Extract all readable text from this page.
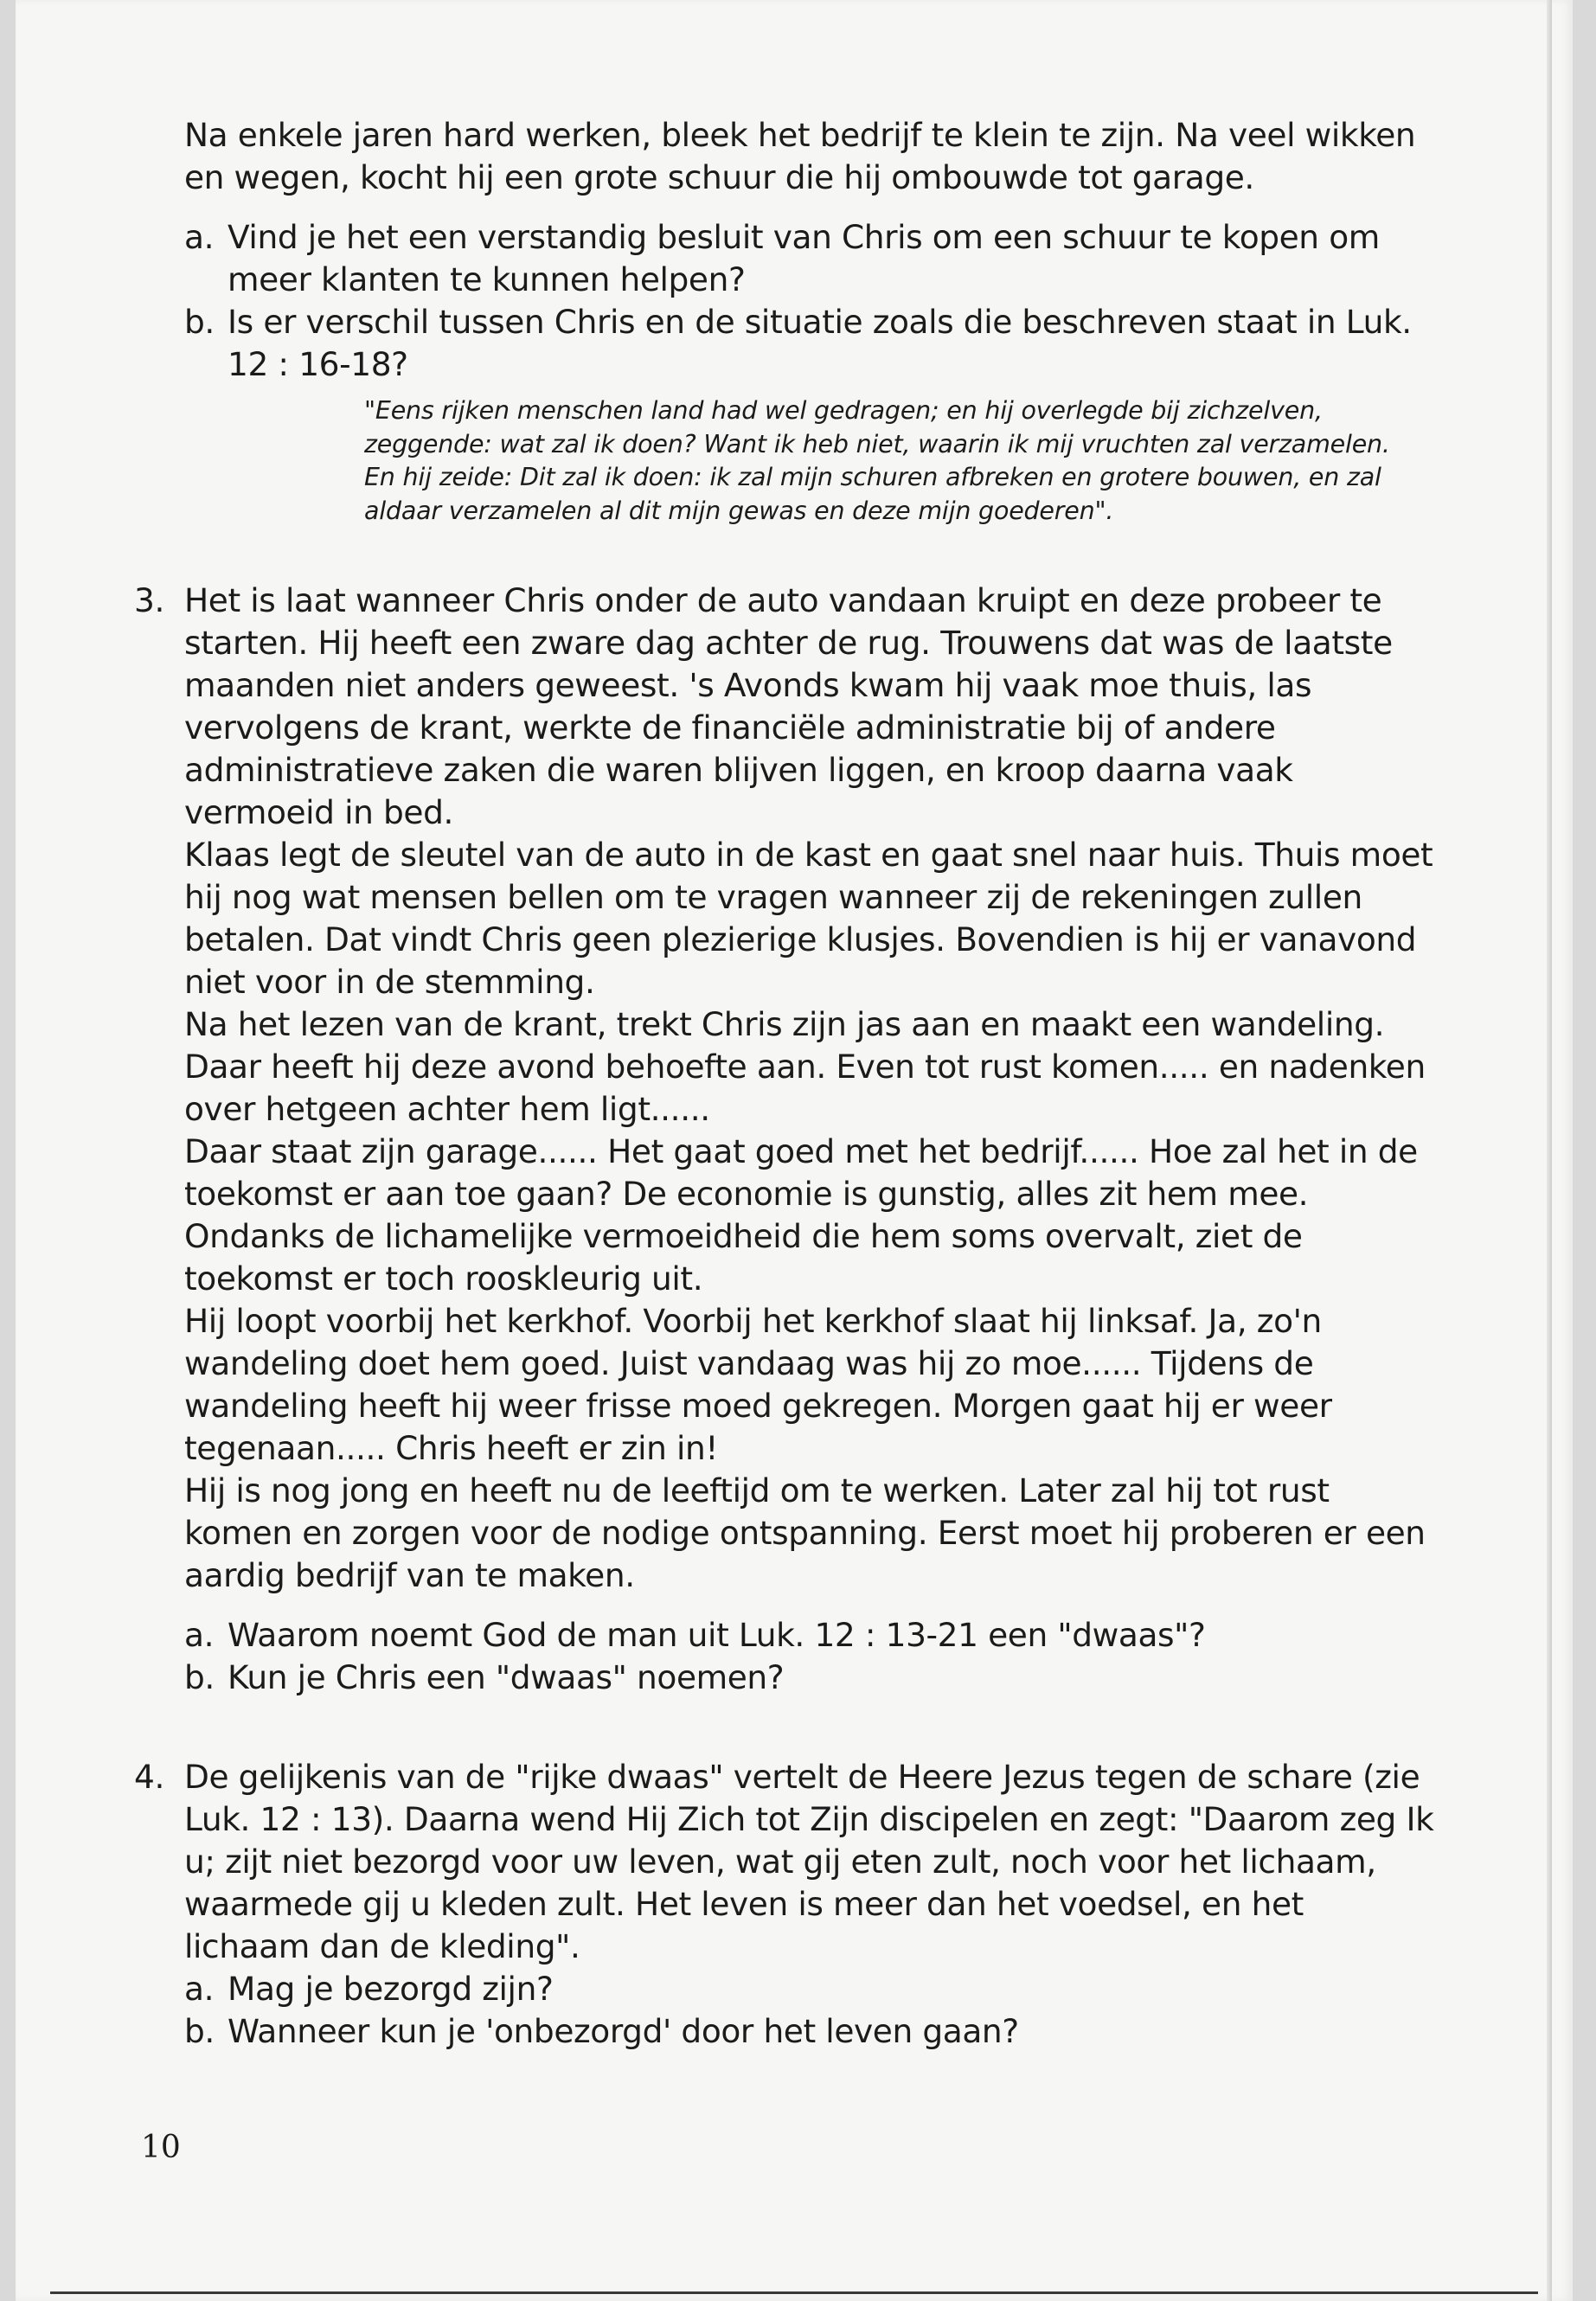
Na enkele jaren hard werken, bleek het bedrijf te klein te zijn. Na veel wikken en wegen, kocht hij een grote schuur die hij ombouwde tot garage.

a. Vind je het een verstandig besluit van Chris om een schuur te kopen om meer klanten te kunnen helpen?
b. Is er verschil tussen Chris en de situatie zoals die beschreven staat in Luk. 12 : 16-18?

"Eens rijken menschen land had wel gedragen; en hij overlegde bij zichzelven, zeggende: wat zal ik doen? Want ik heb niet, waarin ik mij vruchten zal verzamelen. En hij zeide: Dit zal ik doen: ik zal mijn schuren afbreken en grotere bouwen, en zal aldaar verzamelen al dit mijn gewas en deze mijn goederen".

3. Het is laat wanneer Chris onder de auto vandaan kruipt en deze probeer te starten. Hij heeft een zware dag achter de rug. Trouwens dat was de laatste maanden niet anders geweest. 's Avonds kwam hij vaak moe thuis, las vervolgens de krant, werkte de financiële administratie bij of andere administratieve zaken die waren blijven liggen, en kroop daarna vaak vermoeid in bed.

Klaas legt de sleutel van de auto in de kast en gaat snel naar huis. Thuis moet hij nog wat mensen bellen om te vragen wanneer zij de rekeningen zullen betalen. Dat vindt Chris geen plezierige klusjes. Bovendien is hij er vanavond niet voor in de stemming.

Na het lezen van de krant, trekt Chris zijn jas aan en maakt een wandeling. Daar heeft hij deze avond behoefte aan. Even tot rust komen..... en nadenken over hetgeen achter hem ligt......

Daar staat zijn garage...... Het gaat goed met het bedrijf...... Hoe zal het in de toekomst er aan toe gaan? De economie is gunstig, alles zit hem mee. Ondanks de lichamelijke vermoeidheid die hem soms overvalt, ziet de toekomst er toch rooskleurig uit.

Hij loopt voorbij het kerkhof. Voorbij het kerkhof slaat hij linksaf. Ja, zo'n wandeling doet hem goed. Juist vandaag was hij zo moe...... Tijdens de wandeling heeft hij weer frisse moed gekregen. Morgen gaat hij er weer tegenaan..... Chris heeft er zin in!

Hij is nog jong en heeft nu de leeftijd om te werken. Later zal hij tot rust komen en zorgen voor de nodige ontspanning. Eerst moet hij proberen er een aardig bedrijf van te maken.

a. Waarom noemt God de man uit Luk. 12 : 13-21 een "dwaas"?
b. Kun je Chris een "dwaas" noemen?
4. De gelijkenis van de "rijke dwaas" vertelt de Heere Jezus tegen de schare (zie Luk. 12 : 13). Daarna wend Hij Zich tot Zijn discipelen en zegt: "Daarom zeg Ik u; zijt niet bezorgd voor uw leven, wat gij eten zult, noch voor het lichaam, waarmede gij u kleden zult. Het leven is meer dan het voedsel, en het lichaam dan de kleding".

a. Mag je bezorgd zijn?
b. Wanneer kun je 'onbezorgd' door het leven gaan?
10
